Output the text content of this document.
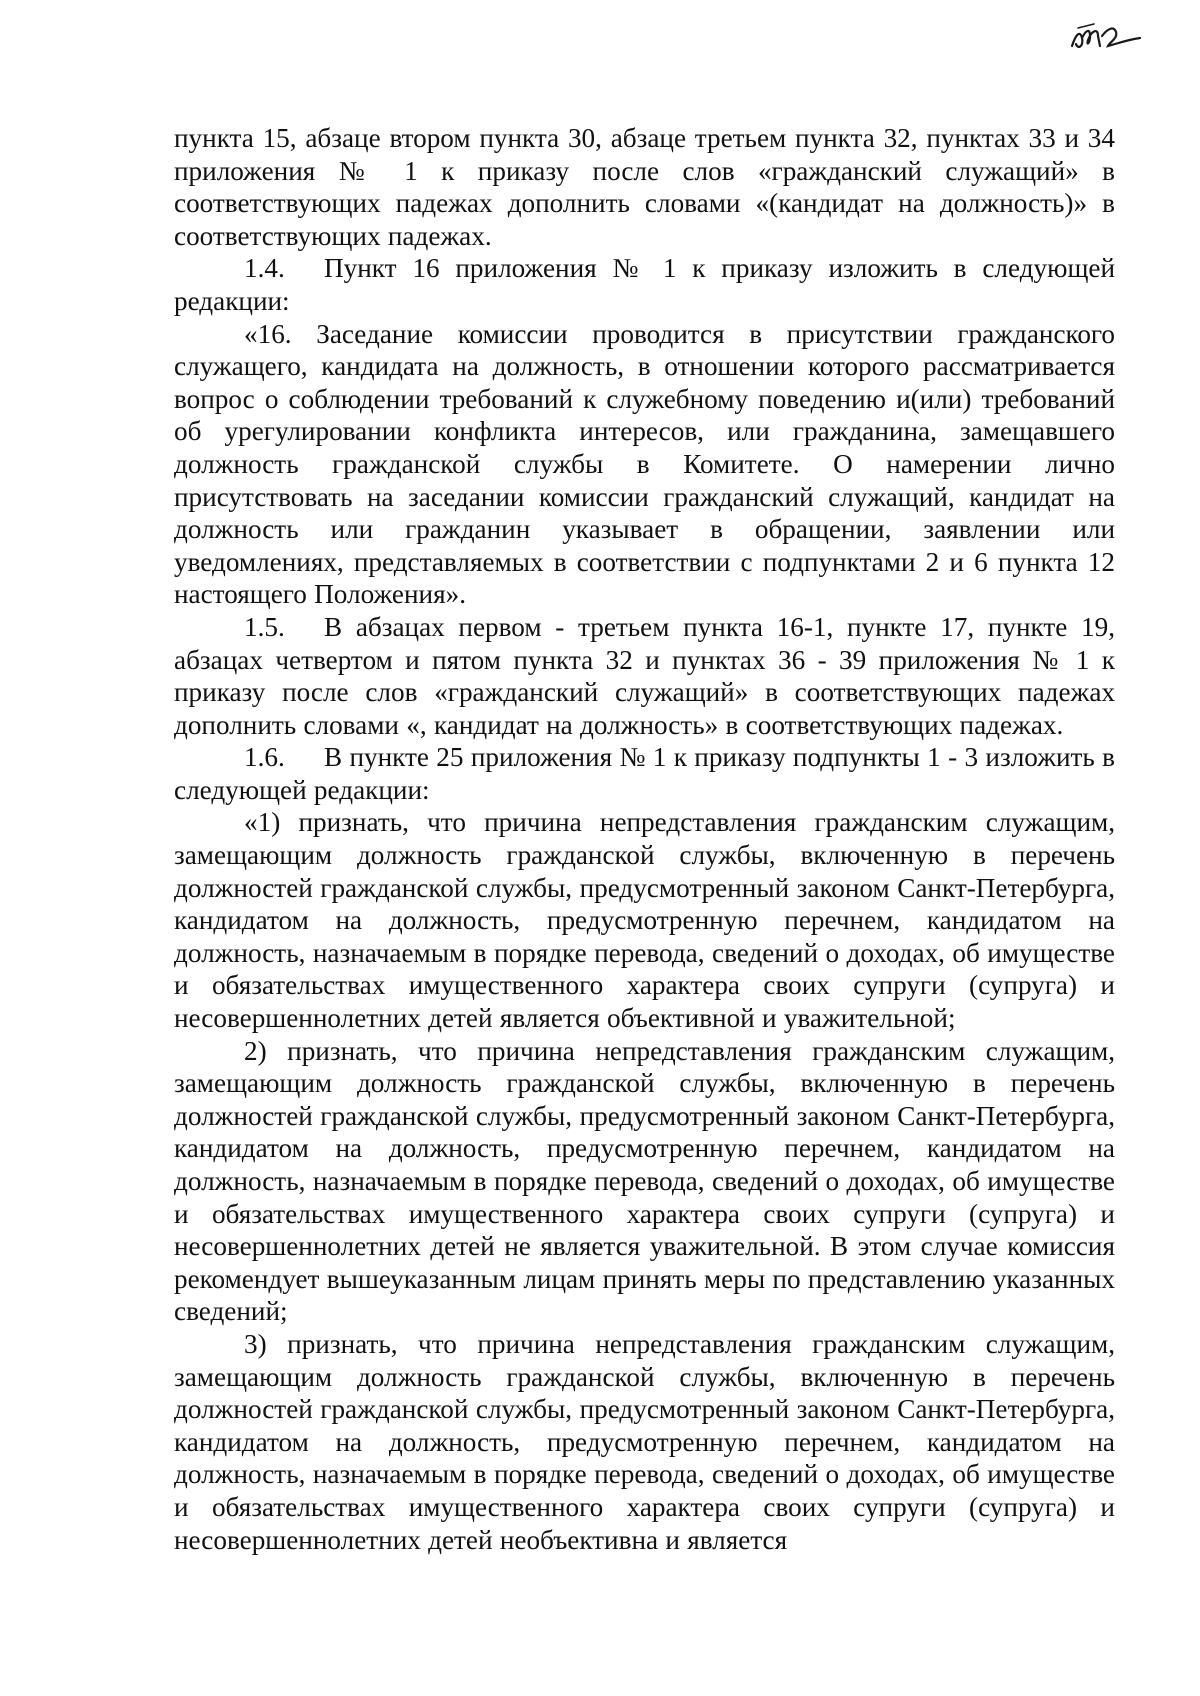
пункта 15, абзаце втором пункта 30, абзаце третьем пункта 32, пунктах 33 и 34 приложения № 1 к приказу после слов «гражданский служащий» в соответствующих падежах дополнить словами «(кандидат на должность)» в соответствующих падежах.

1.4. Пункт 16 приложения № 1 к приказу изложить в следующей редакции:

«16. Заседание комиссии проводится в присутствии гражданского служащего, кандидата на должность, в отношении которого рассматривается вопрос о соблюдении требований к служебному поведению и(или) требований об урегулировании конфликта интересов, или гражданина, замещавшего должность гражданской службы в Комитете. О намерении лично присутствовать на заседании комиссии гражданский служащий, кандидат на должность или гражданин указывает в обращении, заявлении или уведомлениях, представляемых в соответствии с подпунктами 2 и 6 пункта 12 настоящего Положения».

1.5. В абзацах первом - третьем пункта 16-1, пункте 17, пункте 19, абзацах четвертом и пятом пункта 32 и пунктах 36 - 39 приложения № 1 к приказу после слов «гражданский служащий» в соответствующих падежах дополнить словами «, кандидат на должность» в соответствующих падежах.

1.6. В пункте 25 приложения № 1 к приказу подпункты 1 - 3 изложить в следующей редакции:

«1) признать, что причина непредставления гражданским служащим, замещающим должность гражданской службы, включенную в перечень должностей гражданской службы, предусмотренный законом Санкт-Петербурга, кандидатом на должность, предусмотренную перечнем, кандидатом на должность, назначаемым в порядке перевода, сведений о доходах, об имуществе и обязательствах имущественного характера своих супруги (супруга) и несовершеннолетних детей является объективной и уважительной;

2) признать, что причина непредставления гражданским служащим, замещающим должность гражданской службы, включенную в перечень должностей гражданской службы, предусмотренный законом Санкт-Петербурга, кандидатом на должность, предусмотренную перечнем, кандидатом на должность, назначаемым в порядке перевода, сведений о доходах, об имуществе и обязательствах имущественного характера своих супруги (супруга) и несовершеннолетних детей не является уважительной. В этом случае комиссия рекомендует вышеуказанным лицам принять меры по представлению указанных сведений;

3) признать, что причина непредставления гражданским служащим, замещающим должность гражданской службы, включенную в перечень должностей гражданской службы, предусмотренный законом Санкт-Петербурга, кандидатом на должность, предусмотренную перечнем, кандидатом на должность, назначаемым в порядке перевода, сведений о доходах, об имуществе и обязательствах имущественного характера своих супруги (супруга) и несовершеннолетних детей необъективна и является
